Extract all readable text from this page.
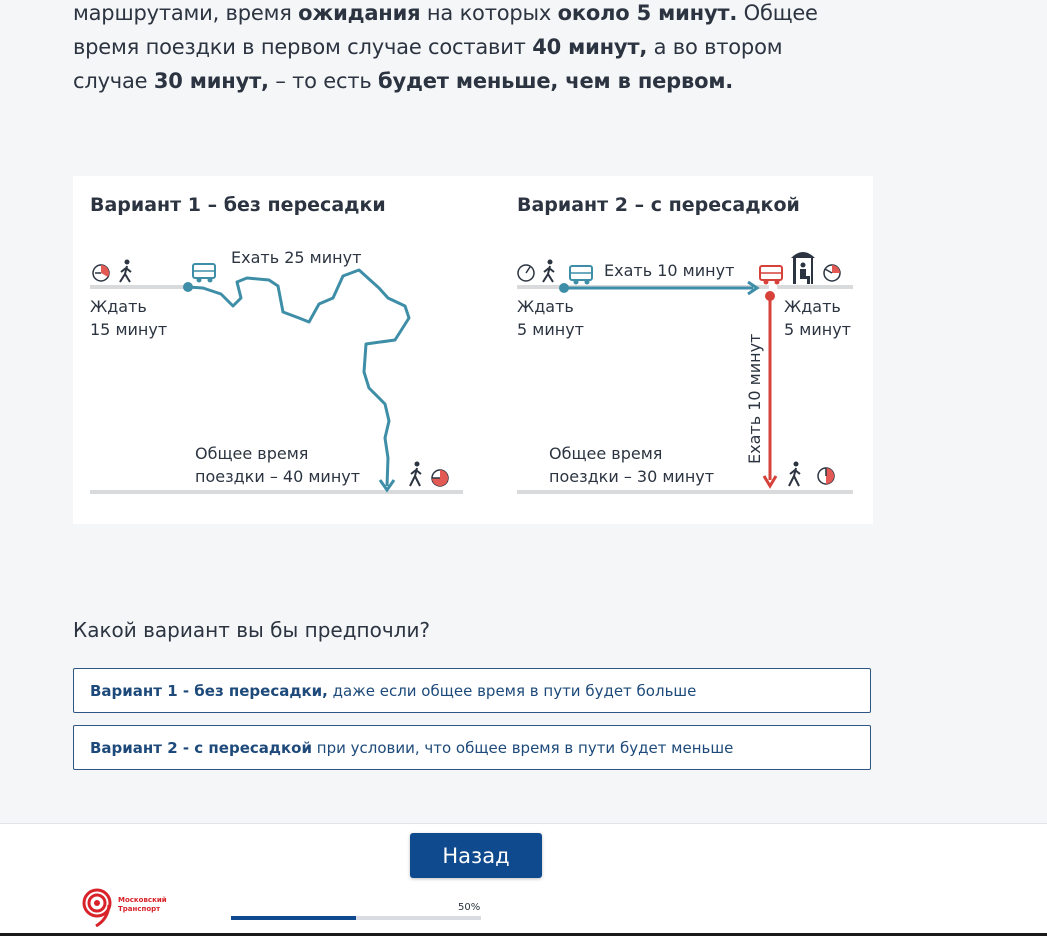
маршрутами, время ожидания на которых около 5 минут. Общее
время поездки в первом случае составит 40 минут, а во втором
случае 30 минут, – то есть будет меньше, чем в первом.
Вариант 1 – без пересадки
Ехать 25 минут
Ждать
15 минут
Общее время
поездки – 40 минут
Вариант 2 – с пересадкой
Ехать 10 минут
Ждать
5 минут
Ждать
5 минут
Ехать 10 минут
Общее время
поездки – 30 минут
Какой вариант вы бы предпочли?
Вариант 1 - без пересадки, даже если общее время в пути будет больше
Вариант 2 - с пересадкой при условии, что общее время в пути будет меньше
Назад
Московский
Транспорт	50%
